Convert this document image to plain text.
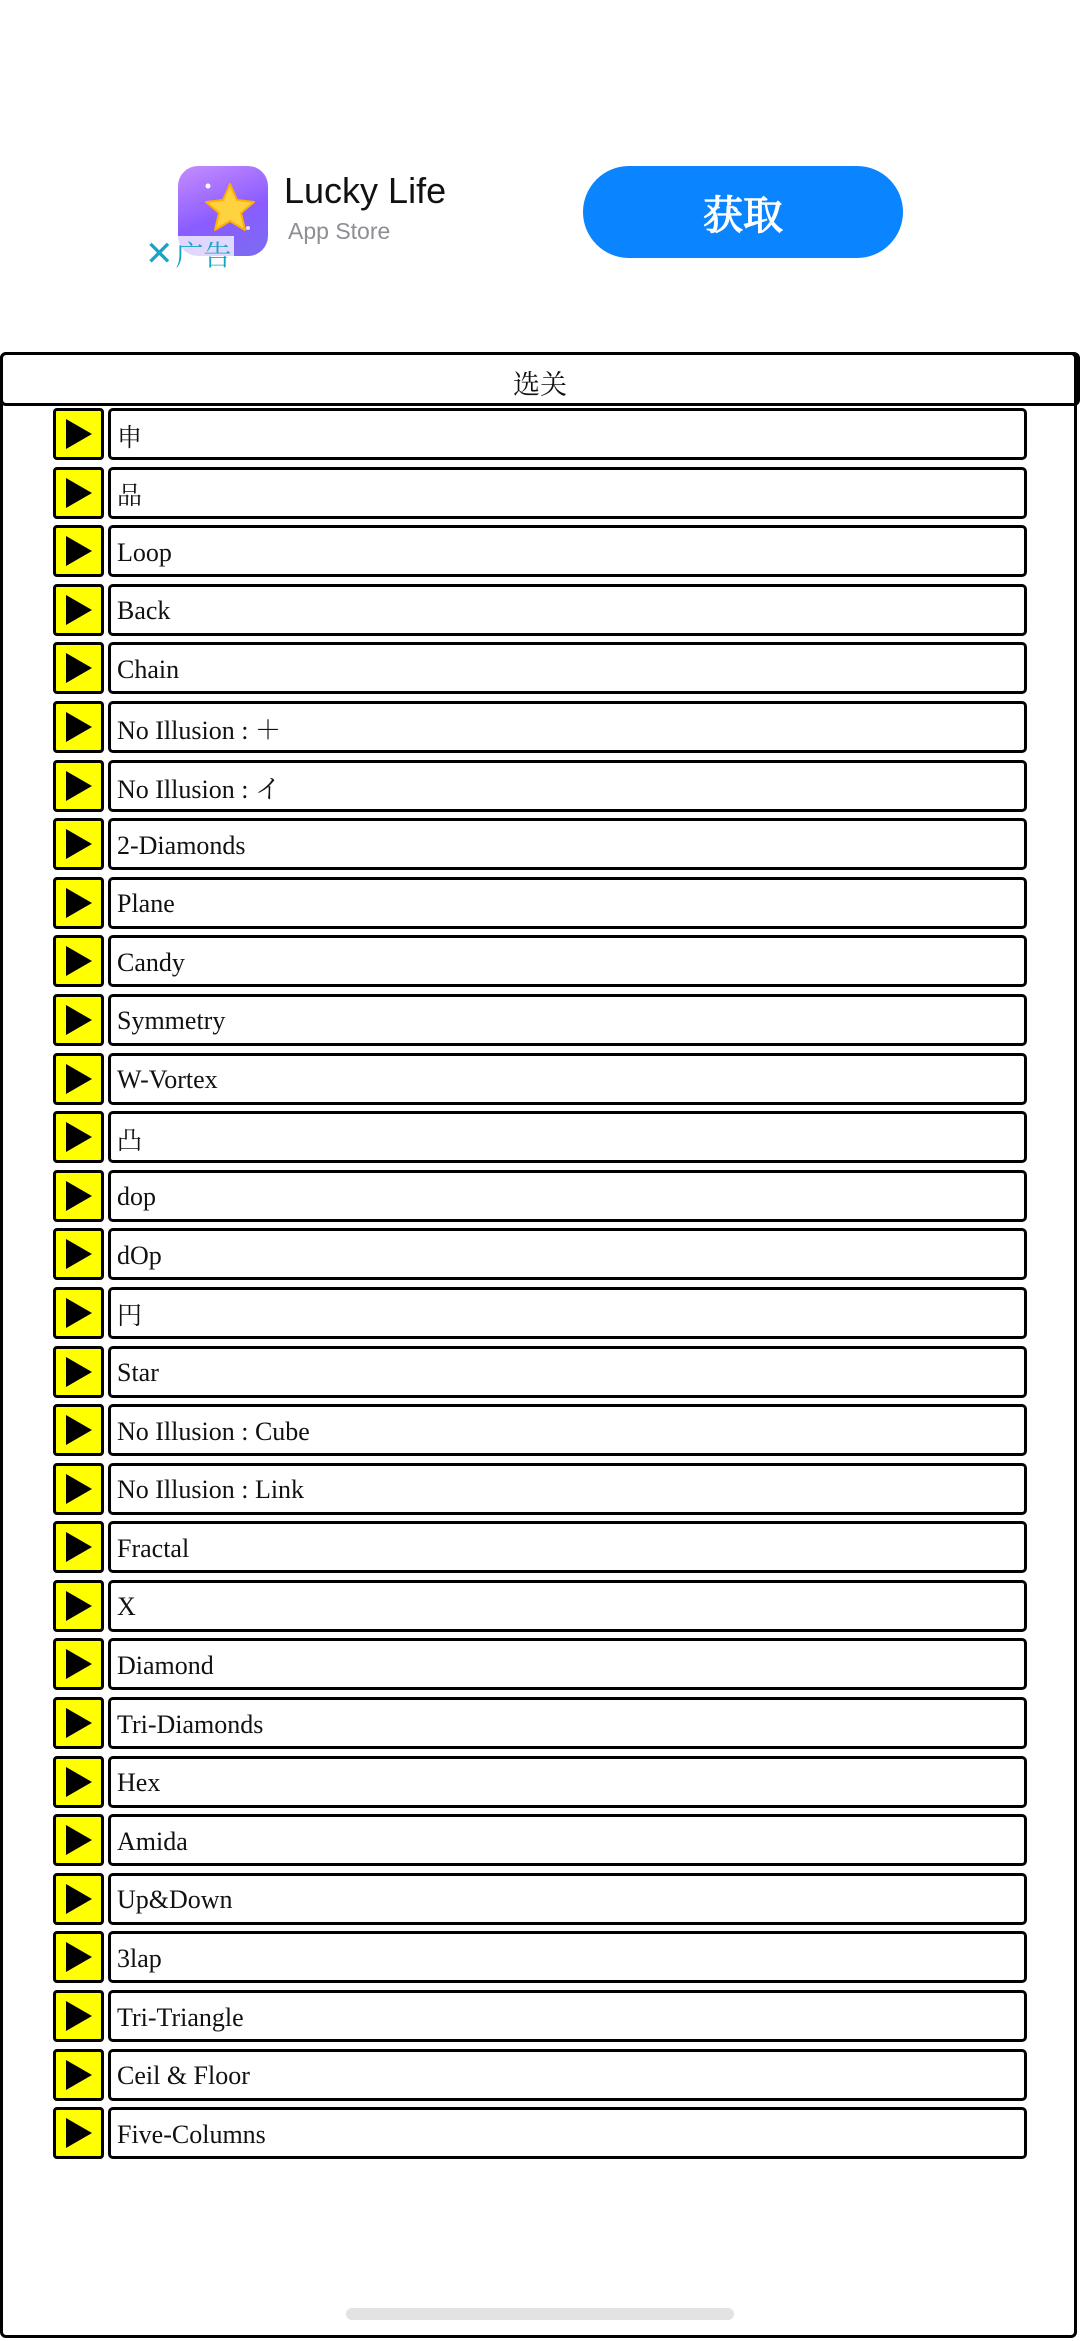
✕ 广告
Lucky Life
App Store	获取
选关
申
品
Loop
Back
Chain
No Illusion : ＋
No Illusion : イ
2-Diamonds
Plane
Candy
Symmetry
W-Vortex
凸
dop
dOp
円
Star
No Illusion : Cube
No Illusion : Link
Fractal
X
Diamond
Tri-Diamonds
Hex
Amida
Up&Down
3lap
Tri-Triangle
Ceil & Floor
Five-Columns
